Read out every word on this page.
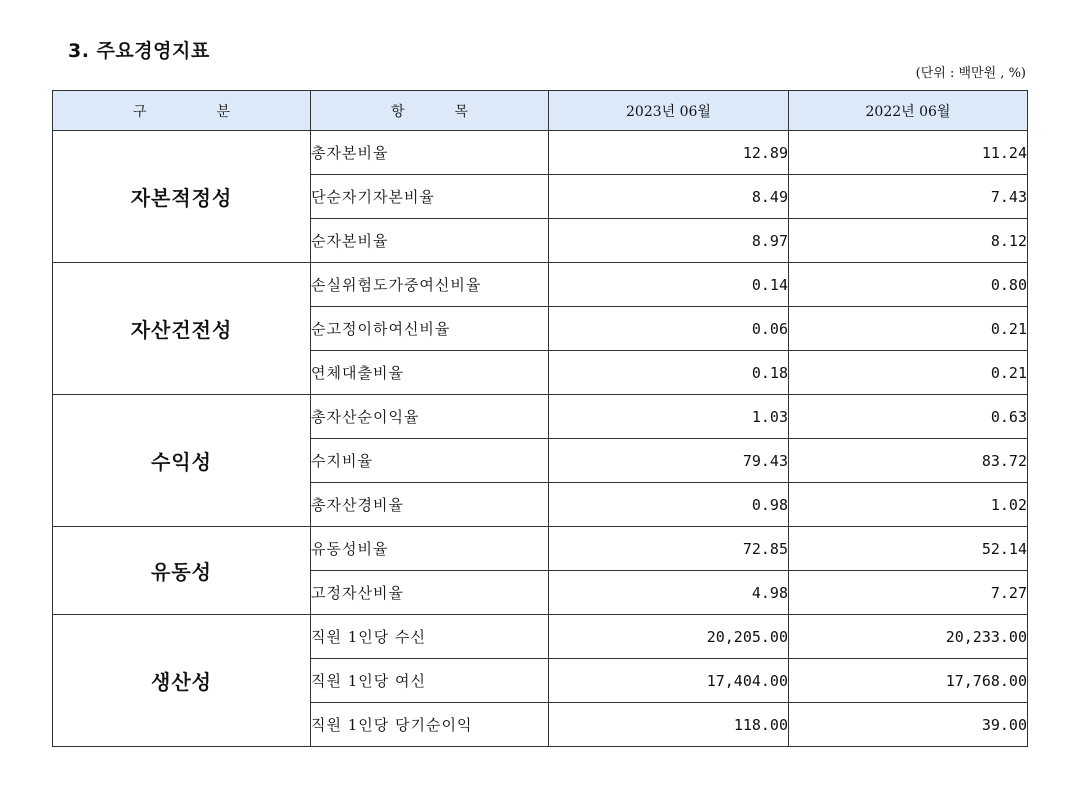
3. 주요경영지표
(단위 : 백만원 , %)
구 분	항 목	2023년 06월	2022년 06월
자본적정성	총자본비율	12.89	11.24
	단순자기자본비율	8.49	7.43
	순자본비율	8.97	8.12
자산건전성	손실위험도가중여신비율	0.14	0.80
	순고정이하여신비율	0.06	0.21
	연체대출비율	0.18	0.21
수익성	총자산순이익율	1.03	0.63
	수지비율	79.43	83.72
	총자산경비율	0.98	1.02
유동성	유동성비율	72.85	52.14
	고정자산비율	4.98	7.27
생산성	직원 1인당 수신	20,205.00	20,233.00
	직원 1인당 여신	17,404.00	17,768.00
	직원 1인당 당기순이익	118.00	39.00
